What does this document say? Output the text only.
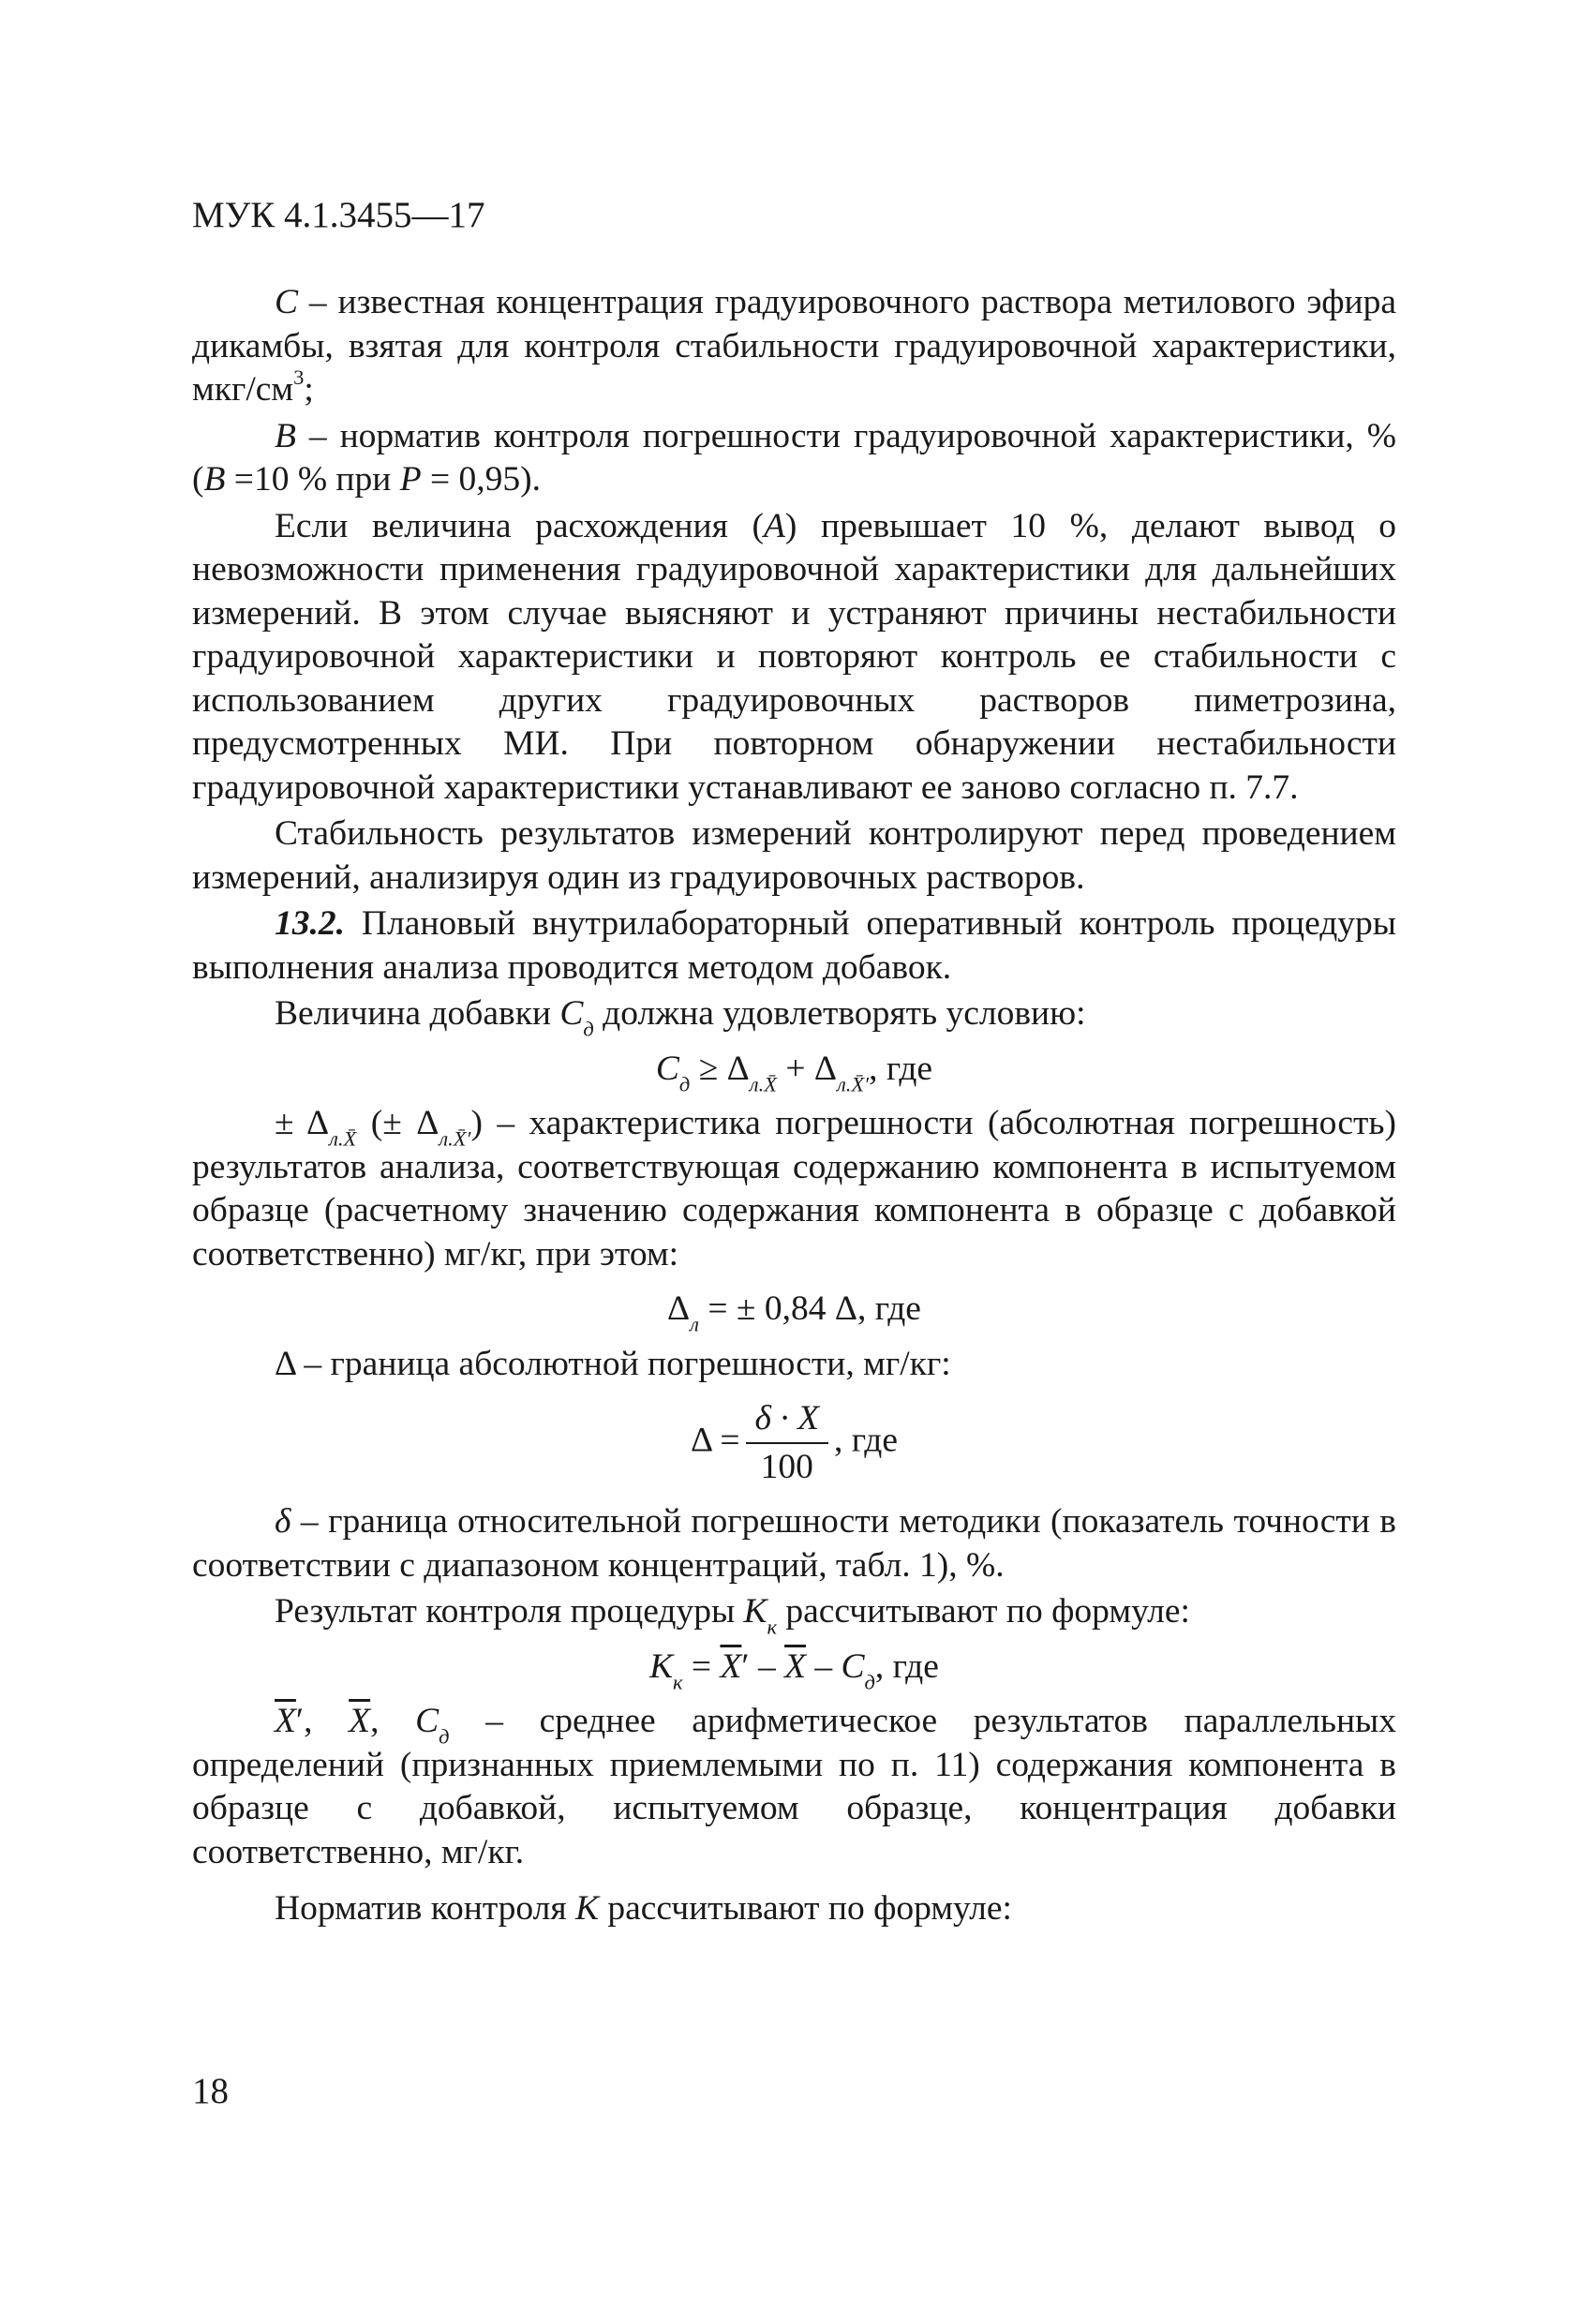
МУК 4.1.3455—17

С – известная концентрация градуировочного раствора метилового эфира дикамбы, взятая для контроля стабильности градуировочной характеристики, мкг/$см^3$;

В – норматив контроля погрешности градуировочной характеристики, % (В =10 % при Р = 0,95).

Если величина расхождения (А) превышает 10 %, делают вывод о невозможности применения градуировочной характеристики для дальнейших измерений. В этом случае выясняют и устраняют причины нестабильности градуировочной характеристики и повторяют контроль ее стабильности с использованием других градуировочных растворов пиметрозина, предусмотренных МИ. При повторном обнаружении нестабильности градуировочной характеристики устанавливают ее заново согласно п. 7.7.

Стабильность результатов измерений контролируют перед проведением измерений, анализируя один из градуировочных растворов.

13.2. Плановый внутрилабораторный оперативный контроль процедуры выполнения анализа проводится методом добавок.

Величина добавки $С_д$ должна удовлетворять условию:

$C_д \ge \Delta_{л.X̄} + \Delta_{л.X̄'}$, где

± $\Delta_{л.X̄}$ (± $\Delta_{л.X̄'}$) – характеристика погрешности (абсолютная погрешность) результатов анализа, соответствующая содержанию компонента в испытуемом образце (расчетному значению содержания компонента в образце с добавкой соответственно) мг/кг, при этом:

$\Delta_л$ = ± 0,84 Δ, где

Δ – граница абсолютной погрешности, мг/кг:

$\Delta = \frac{\delta \cdot X}{100}$ , где

δ – граница относительной погрешности методики (показатель точности в соответствии с диапазоном концентраций, табл. 1), %.

Результат контроля процедуры $К_к$ рассчитывают по формуле:

$К_к = \overline{X}' - \overline{X} - С_д$, где

$\overline{X}'$, $\overline{X}$, $С_д$ – среднее арифметическое результатов параллельных определений (признанных приемлемыми по п. 11) содержания компонента в образце с добавкой, испытуемом образце, концентрация добавки соответственно, мг/кг.

Норматив контроля К рассчитывают по формуле:

18
